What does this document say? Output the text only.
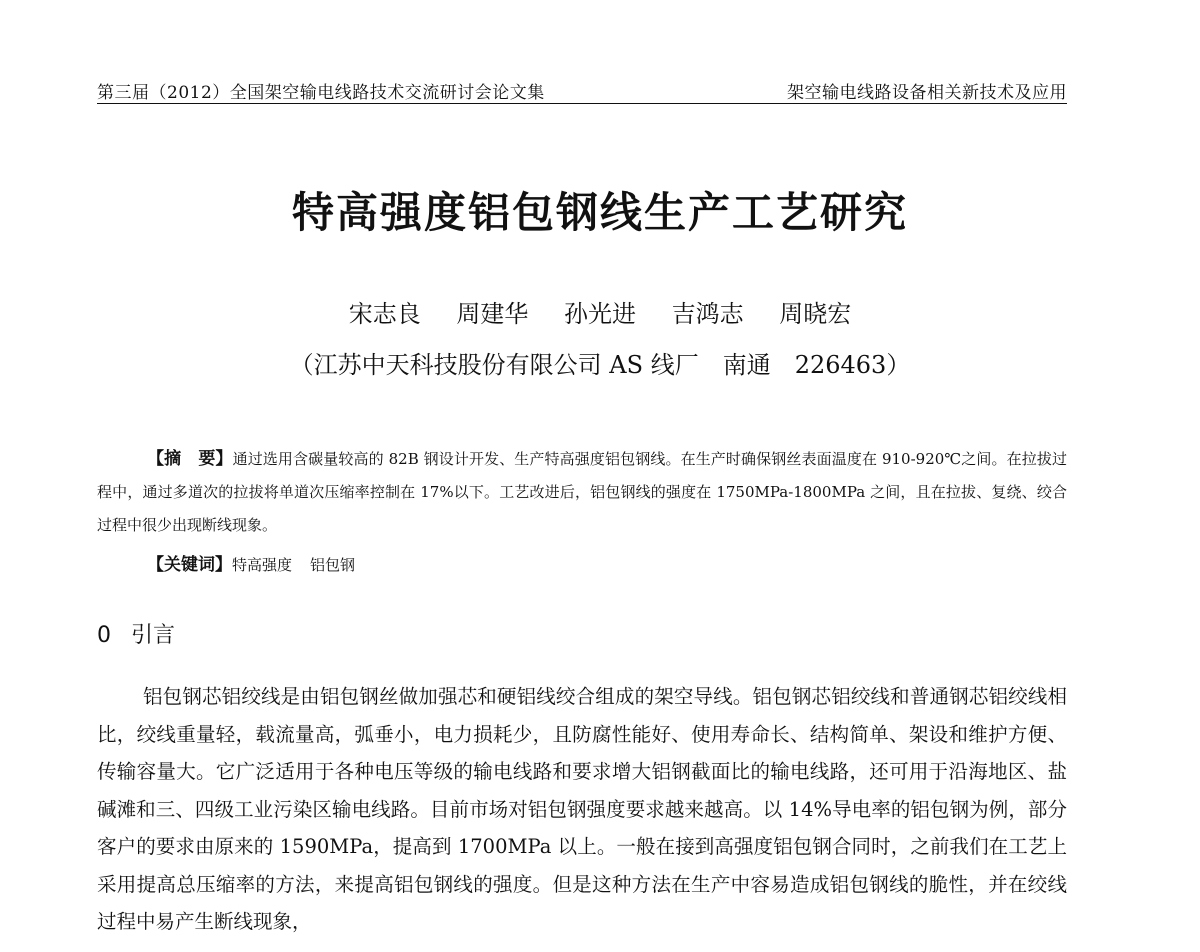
第三届（2012）全国架空输电线路技术交流研讨会论文集	架空输电线路设备相关新技术及应用
特高强度铝包钢线生产工艺研究
宋志良 周建华 孙光进 吉鸿志 周晓宏
（江苏中天科技股份有限公司 AS 线厂　南通　226463）

【摘　要】通过选用含碳量较高的 82B 钢设计开发、生产特高强度铝包钢线。在生产时确保钢丝表面温度在 910-920℃之间。在拉拔过程中，通过多道次的拉拔将单道次压缩率控制在 17%以下。工艺改进后，铝包钢线的强度在 1750MPa-1800MPa 之间，且在拉拔、复绕、绞合过程中很少出现断线现象。

【关键词】特高强度 铝包钢
0 引言

铝包钢芯铝绞线是由铝包钢丝做加强芯和硬铝线绞合组成的架空导线。铝包钢芯铝绞线和普通钢芯铝绞线相比，绞线重量轻，载流量高，弧垂小，电力损耗少，且防腐性能好、使用寿命长、结构简单、架设和维护方便、传输容量大。它广泛适用于各种电压等级的输电线路和要求增大铝钢截面比的输电线路，还可用于沿海地区、盐碱滩和三、四级工业污染区输电线路。目前市场对铝包钢强度要求越来越高。以 14%导电率的铝包钢为例，部分客户的要求由原来的 1590MPa，提高到 1700MPa 以上。一般在接到高强度铝包钢合同时，之前我们在工艺上采用提高总压缩率的方法，来提高铝包钢线的强度。但是这种方法在生产中容易造成铝包钢线的脆性，并在绞线过程中易产生断线现象，
